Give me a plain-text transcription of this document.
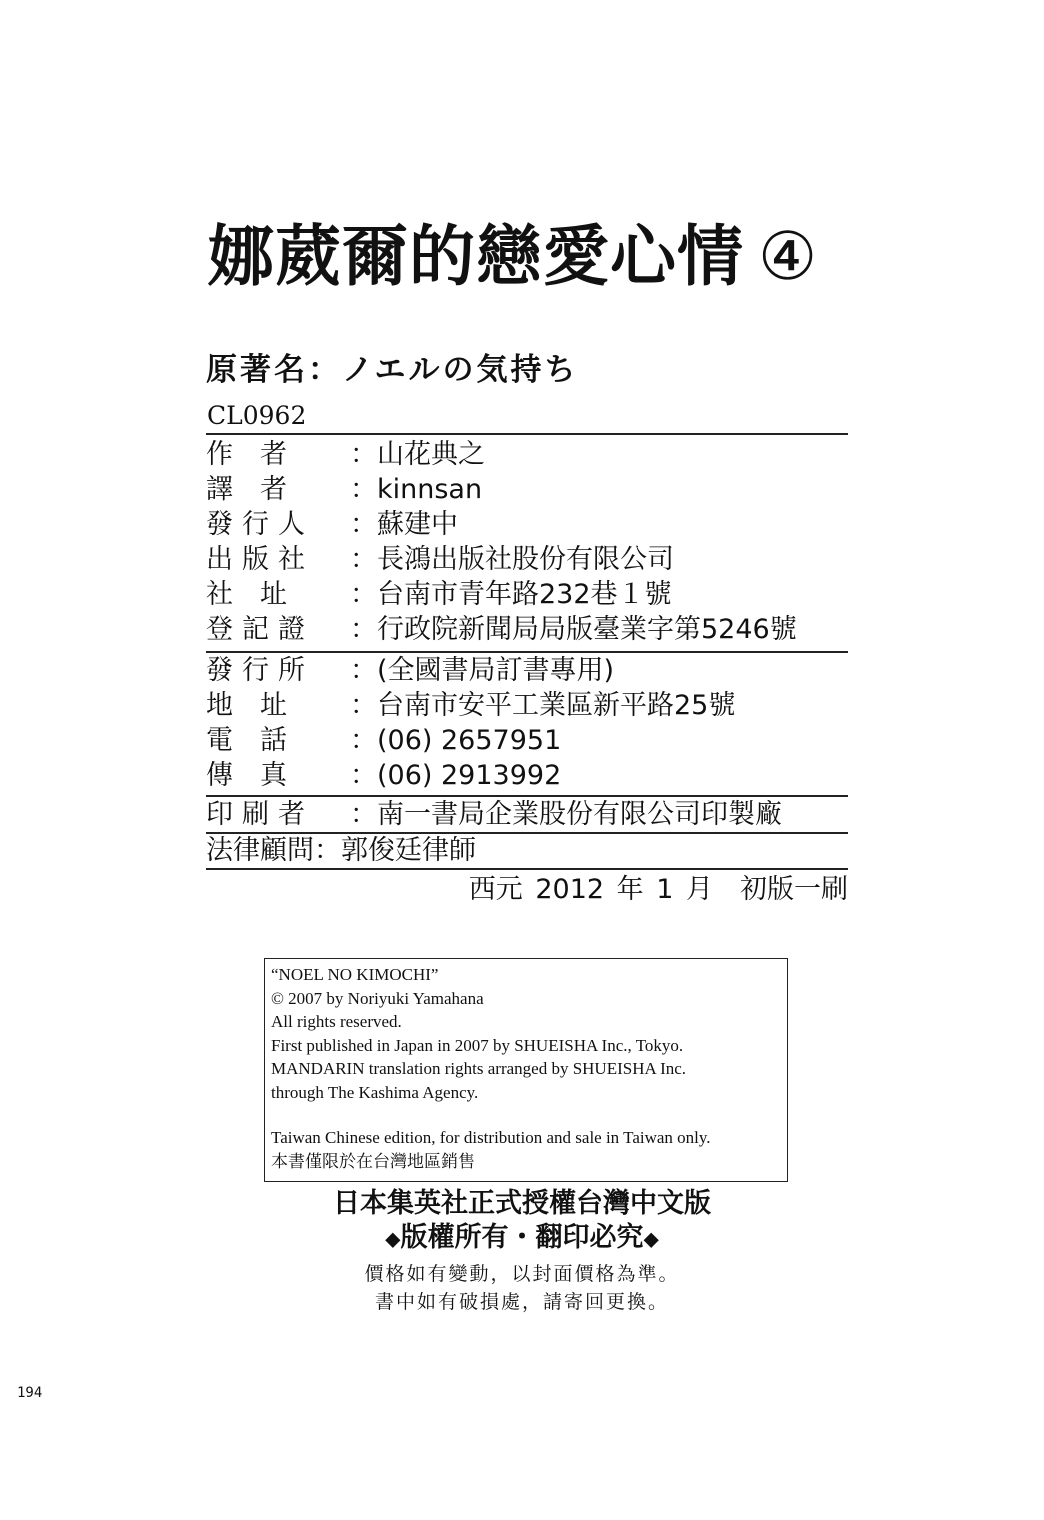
娜葳爾的戀愛心情 ④
原著名：ノエルの気持ち
CL0962
作　者 ：山花典之
譯　者 ：kinnsan
發行人 ：蘇建中
出版社 ：長鴻出版社股份有限公司
社　址 ：台南市青年路232巷１號
登記證 ：行政院新聞局局版臺業字第5246號
發行所 ：(全國書局訂書專用)
地　址 ：台南市安平工業區新平路25號
電　話 ：(06) 2657951
傳　真 ：(06) 2913992
印刷者 ：南一書局企業股份有限公司印製廠
法律顧問：郭俊廷律師
西元 2012 年 1 月　初版一刷
“NOEL NO KIMOCHI”
© 2007 by Noriyuki Yamahana
All rights reserved.
First published in Japan in 2007 by SHUEISHA Inc., Tokyo.
MANDARIN translation rights arranged by SHUEISHA Inc.
through The Kashima Agency.
Taiwan Chinese edition, for distribution and sale in Taiwan only.
本書僅限於在台灣地區銷售
日本集英社正式授權台灣中文版
◆版權所有・翻印必究◆
價格如有變動，以封面價格為準。
書中如有破損處，請寄回更換。
194
